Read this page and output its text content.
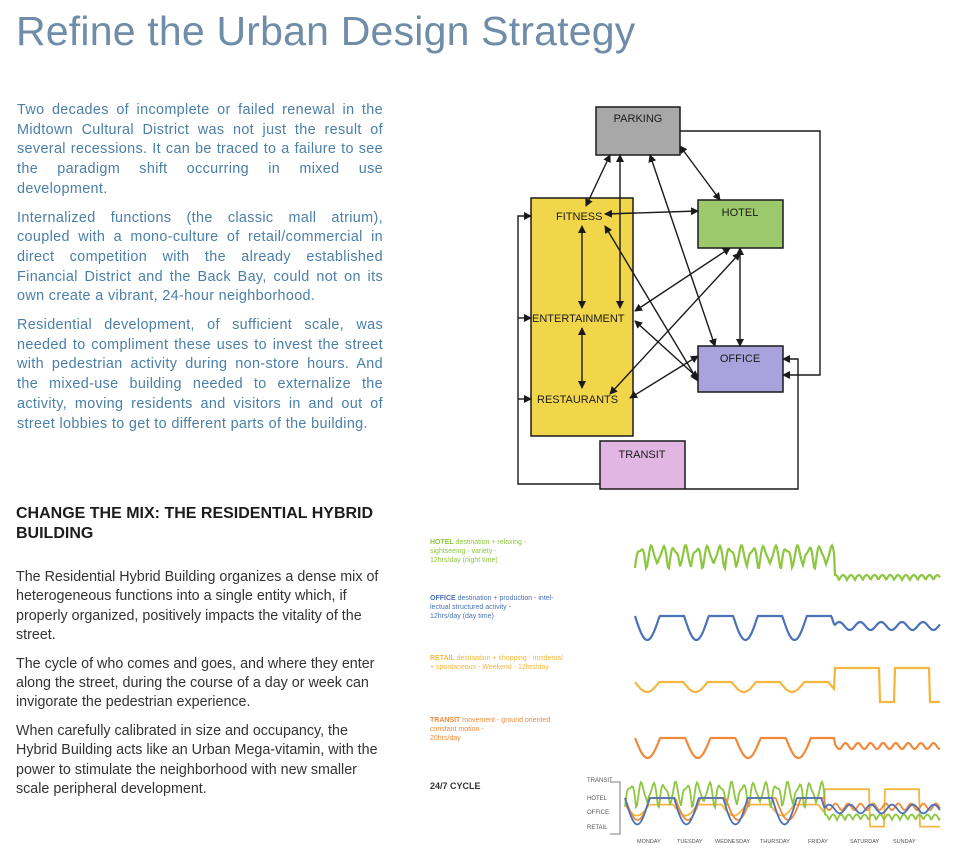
Refine the Urban Design Strategy

Two decades of incomplete or failed renewal in the Midtown Cultural District was not just the result of several recessions. It can be traced to a failure to see the paradigm shift occurring in mixed use development.

Internalized functions (the classic mall atrium), coupled with a mono-culture of retail/commercial in direct competition with the already established Financial District and the Back Bay, could not on its own create a vibrant, 24-hour neighborhood.

Residential development, of sufficient scale, was needed to compliment these uses to invest the street with pedestrian activity during non-store hours. And the mixed-use building needed to externalize the activity, moving residents and visitors in and out of street lobbies to get to different parts of the building.

CHANGE THE MIX: THE RESIDENTIAL HYBRID BUILDING

The Residential Hybrid Building organizes a dense mix of heterogeneous functions into a single entity which, if properly organized, positively impacts the vitality of the street.

The cycle of who comes and goes, and where they enter along the street, during the course of a day or week can invigorate the pedestrian experience.

When carefully calibrated in size and occupancy, the Hybrid Building acts like an Urban Mega-vitamin, with the power to stimulate the neighborhood with new smaller scale peripheral development.

PARKING
HOTEL
OFFICE
TRANSIT
FITNESS
ENTERTAINMENT
RESTAURANTS
HOTEL destination + relaxing -
sightseeing - variety -
12hrs/day (night time)
OFFICE destination + production - intel-
lectual structured activity -
12hrs/day (day time)
RETAIL destination + shopping - incidental
+ spontaneous - Weekend - 12hrs/day
TRANSIT movement - ground oriented
constant motion -
20hrs/day
24/7 CYCLE	TRANSIT
HOTEL
OFFICE
RETAIL
MONDAY	TUESDAY WEDNESDAY THURSDAY	FRIDAY	SATURDAY	SUNDAY
